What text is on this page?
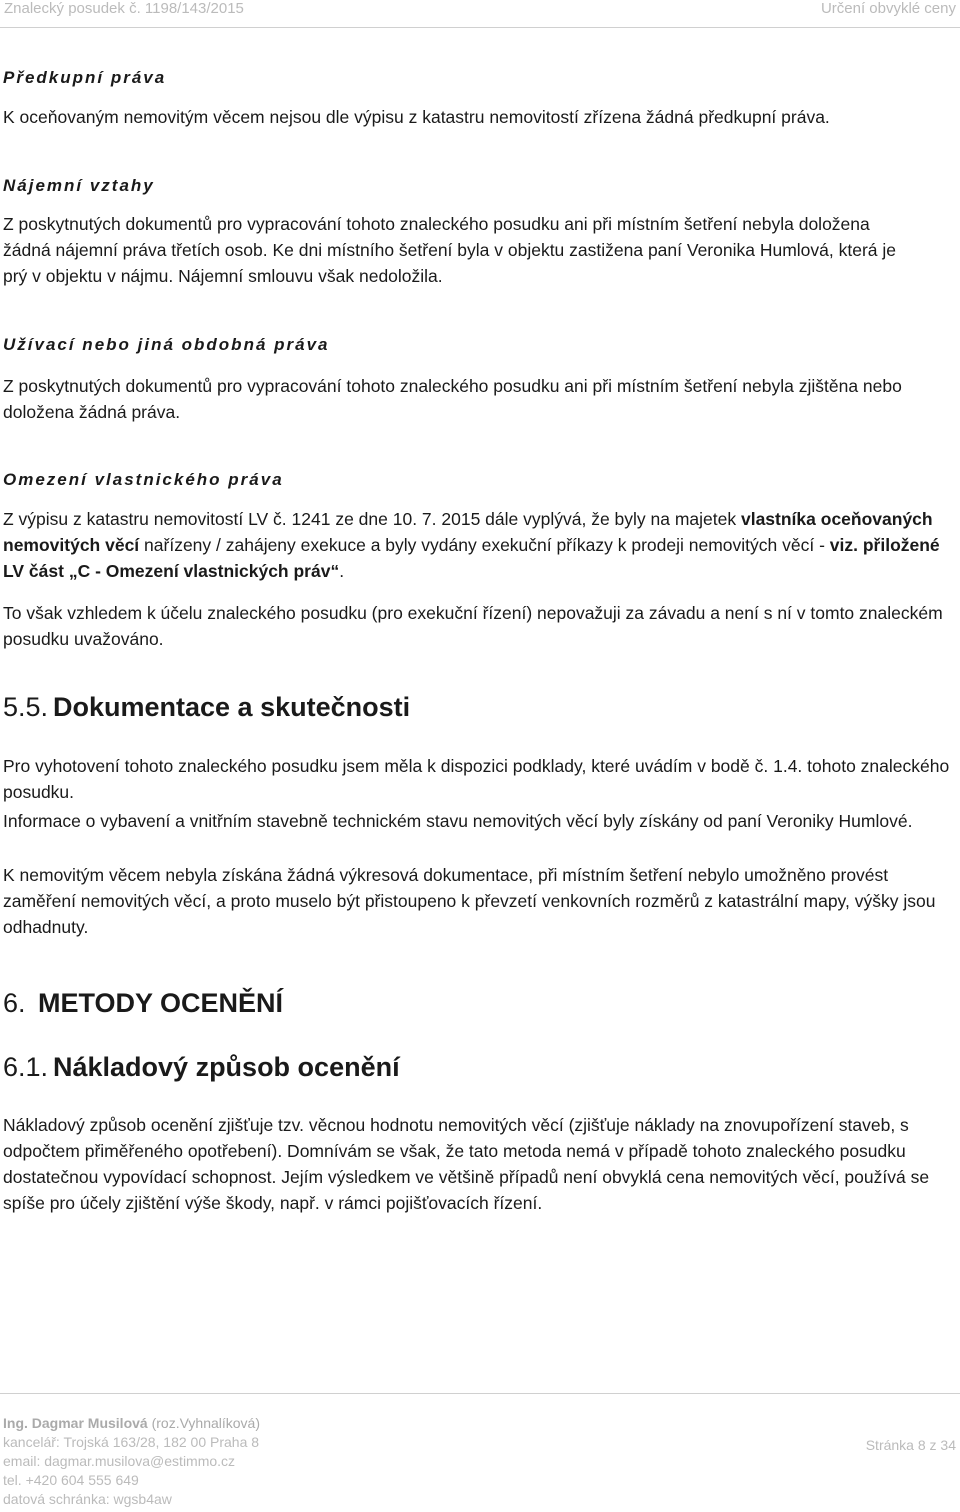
Znalecký posudek č. 1198/143/2015	Určení obvyklé ceny
Předkupní práva
K oceňovaným nemovitým věcem nejsou dle výpisu z katastru nemovitostí zřízena žádná předkupní práva.
Nájemní vztahy
Z poskytnutých dokumentů pro vypracování tohoto znaleckého posudku ani při místním šetření nebyla doložena žádná nájemní práva třetích osob. Ke dni místního šetření byla v objektu zastižena paní Veronika Humlová, která je prý v objektu v nájmu. Nájemní smlouvu však nedoložila.
Užívací nebo jiná obdobná práva
Z poskytnutých dokumentů pro vypracování tohoto znaleckého posudku ani při místním šetření nebyla zjištěna nebo doložena žádná práva.
Omezení vlastnického práva
Z výpisu z katastru nemovitostí LV č. 1241 ze dne 10. 7. 2015 dále vyplývá, že byly na majetek vlastníka oceňovaných nemovitých věcí nařízeny / zahájeny exekuce a byly vydány exekuční příkazy k prodeji nemovitých věcí - viz. přiložené LV část „C - Omezení vlastnických práv“.
To však vzhledem k účelu znaleckého posudku (pro exekuční řízení) nepovažuji za závadu a není s ní v tomto znaleckém posudku uvažováno.
5.5. Dokumentace a skutečnosti
Pro vyhotovení tohoto znaleckého posudku jsem měla k dispozici podklady, které uvádím v bodě č. 1.4. tohoto znaleckého posudku.
Informace o vybavení a vnitřním stavebně technickém stavu nemovitých věcí byly získány od paní Veroniky Humlové.
K nemovitým věcem nebyla získána žádná výkresová dokumentace, při místním šetření nebylo umožněno provést zaměření nemovitých věcí, a proto muselo být přistoupeno k převzetí venkovních rozměrů z katastrální mapy, výšky jsou odhadnuty.
6. METODY OCENĚNÍ
6.1. Nákladový způsob ocenění
Nákladový způsob ocenění zjišťuje tzv. věcnou hodnotu nemovitých věcí (zjišťuje náklady na znovupořízení staveb, s odpočtem přiměřeného opotřebení). Domnívám se však, že tato metoda nemá v případě tohoto znaleckého posudku dostatečnou vypovídací schopnost. Jejím výsledkem ve většině případů není obvyklá cena nemovitých věcí, používá se spíše pro účely zjištění výše škody, např. v rámci pojišťovacích řízení.
Ing. Dagmar Musilová (roz.Vyhnalíková)
kancelář: Trojská 163/28, 182 00 Praha 8
email: dagmar.musilova@estimmo.cz
tel. +420 604 555 649
datová schránka: wgsb4aw
Stránka 8 z 34
